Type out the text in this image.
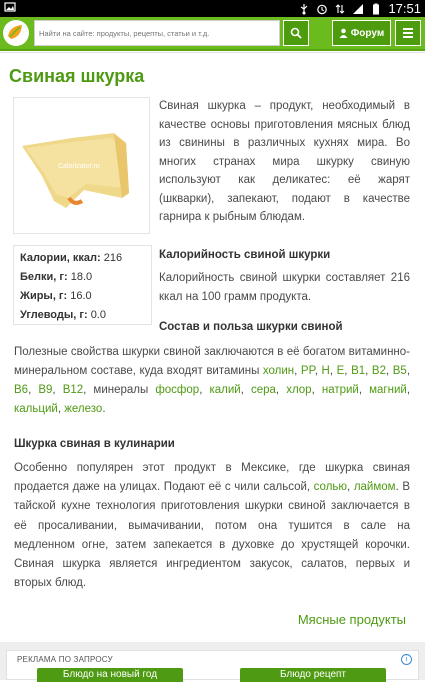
17:51
Найти на сайте: продукты, рецепты, статьи и т.д.
Форум
Свиная шкурка
Calorizator.ru
Калории, ккал: 216
Белки, г: 18.0
Жиры, г: 16.0
Углеводы, г: 0.0
Свиная шкурка – продукт, необходимый в качестве основы приготовления мясных блюд из свинины в различных кухнях мира. Во многих странах мира шкурку свиную используют как деликатес: её жарят (шкварки), запекают, подают в качестве гарнира к рыбным блюдам.
Калорийность свиной шкурки
Калорийность свиной шкурки составляет 216 ккал на 100 грамм продукта.
Состав и польза шкурки свиной
Полезные свойства шкурки свиной заключаются в её богатом витаминно-минеральном составе, куда входят витамины холин, PP, H, E, B1, B2, B5, B6, B9, B12, минералы фосфор, калий, сера, хлор, натрий, магний, кальций, железо.
Шкурка свиная в кулинарии
Особенно популярен этот продукт в Мексике, где шкурка свиная продается даже на улицах. Подают её с чили сальсой, солью, лаймом. В тайской кухне технология приготовления шкурки свиной заключается в её просаливании, вымачивании, потом она тушится в сале на медленном огне, затем запекается в духовке до хрустящей корочки. Свиная шкурка является ингредиентом закусок, салатов, первых и вторых блюд.
Мясные продукты
РЕКЛАМА ПО ЗАПРОСУ	i
Блюдо на новый год	Блюдо рецепт
